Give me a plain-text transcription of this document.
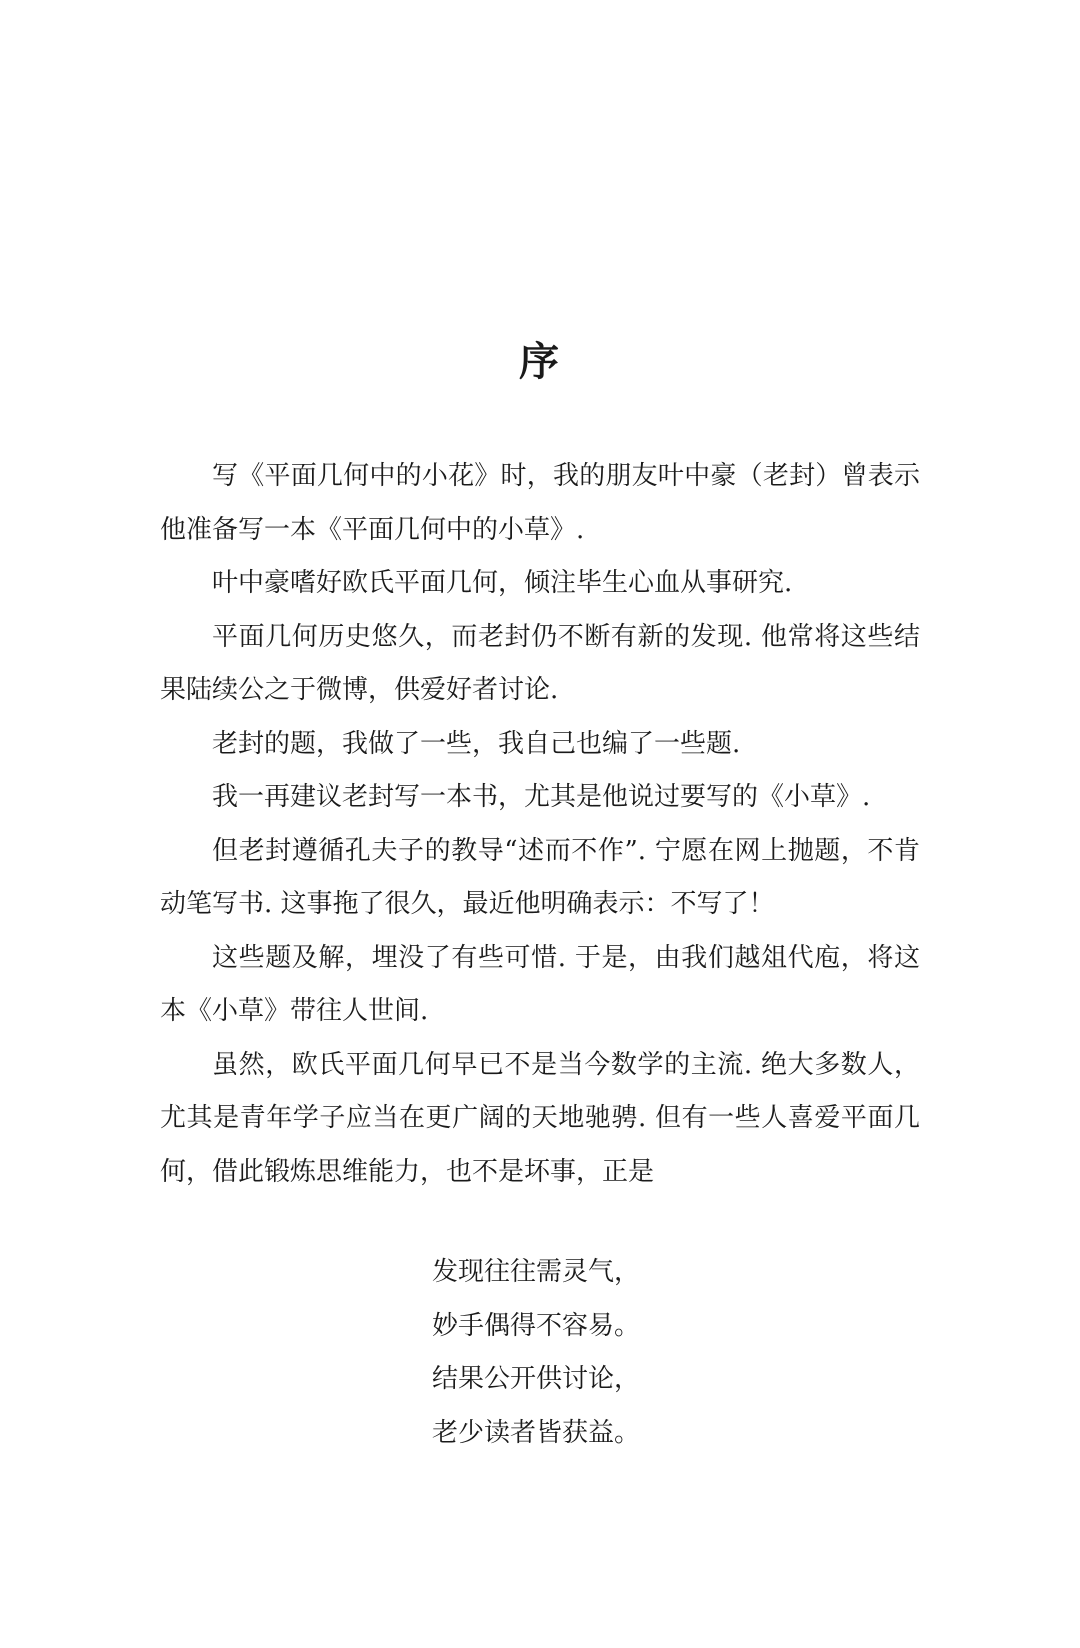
序

写《平面几何中的小花》时，我的朋友叶中豪（老封）曾表示他准备写一本《平面几何中的小草》.

叶中豪嗜好欧氏平面几何，倾注毕生心血从事研究.

平面几何历史悠久，而老封仍不断有新的发现. 他常将这些结果陆续公之于微博，供爱好者讨论.

老封的题，我做了一些，我自己也编了一些题.

我一再建议老封写一本书，尤其是他说过要写的《小草》.

但老封遵循孔夫子的教导“述而不作”. 宁愿在网上抛题，不肯动笔写书. 这事拖了很久，最近他明确表示：不写了！

这些题及解，埋没了有些可惜. 于是，由我们越俎代庖，将这本《小草》带往人世间.

虽然，欧氏平面几何早已不是当今数学的主流. 绝大多数人，尤其是青年学子应当在更广阔的天地驰骋. 但有一些人喜爱平面几何，借此锻炼思维能力，也不是坏事，正是

发现往往需灵气，
妙手偶得不容易。
结果公开供讨论，
老少读者皆获益。
